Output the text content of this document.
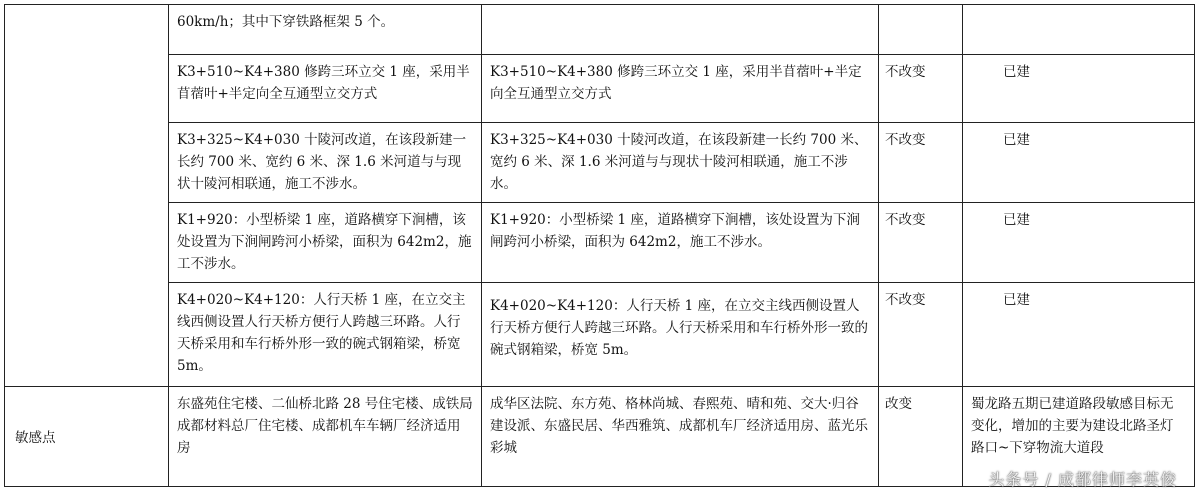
	60km/h；其中下穿铁路框架 5 个。			
	K3+510~K4+380 修跨三环立交 1 座，采用半苜蓿叶+半定向全互通型立交方式	K3+510~K4+380 修跨三环立交 1 座，采用半苜蓿叶+半定向全互通型立交方式	不改变	已建
	K3+325~K4+030 十陵河改道，在该段新建一长约 700 米、宽约 6 米、深 1.6 米河道与与现状十陵河相联通，施工不涉水。	K3+325~K4+030 十陵河改道，在该段新建一长约 700 米、宽约 6 米、深 1.6 米河道与与现状十陵河相联通，施工不涉水。	不改变	已建
	K1+920：小型桥梁 1 座，道路横穿下涧槽，该处设置为下涧闸跨河小桥梁，面积为 642m2，施工不涉水。	K1+920：小型桥梁 1 座，道路横穿下涧槽，该处设置为下涧闸跨河小桥梁，面积为 642m2，施工不涉水。	不改变	已建
	K4+020~K4+120：人行天桥 1 座，在立交主线西侧设置人行天桥方便行人跨越三环路。人行天桥采用和车行桥外形一致的碗式钢箱梁，桥宽 5m。	K4+020~K4+120：人行天桥 1 座，在立交主线西侧设置人行天桥方便行人跨越三环路。人行天桥采用和车行桥外形一致的碗式钢箱梁，桥宽 5m。	不改变	已建
敏感点	东盛苑住宅楼、二仙桥北路 28 号住宅楼、成铁局成都材料总厂住宅楼、成都机车车辆厂经济适用房	成华区法院、东方苑、格林尚城、春熙苑、晴和苑、交大·归谷建设派、东盛民居、华西雅筑、成都机车厂经济适用房、蓝光乐彩城	改变	蜀龙路五期已建道路段敏感目标无变化，增加的主要为建设北路圣灯路口~下穿物流大道段
头条号 / 成都律师李英俊
